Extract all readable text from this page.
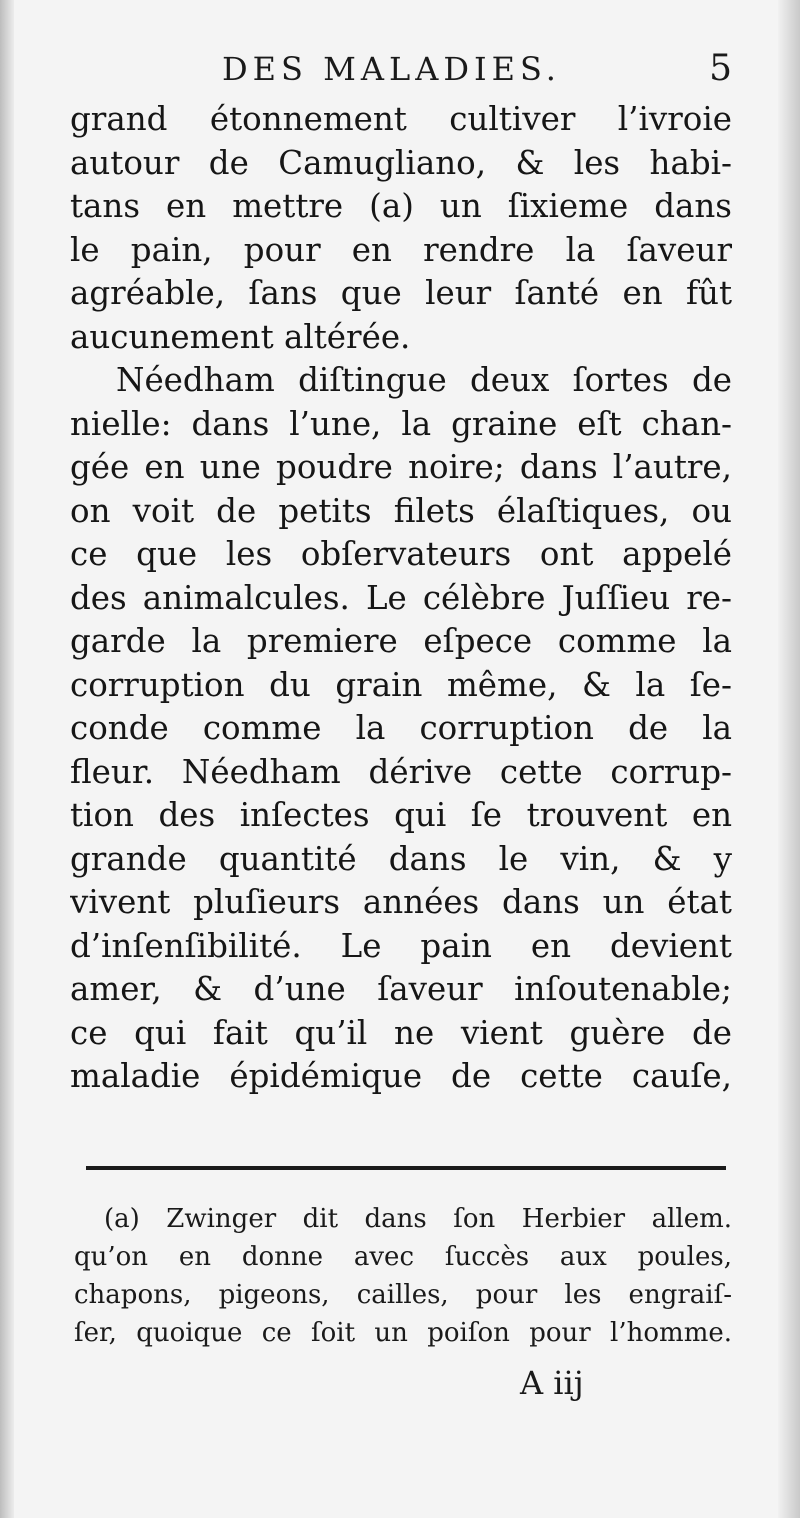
DES MALADIES.	5
grand étonnement cultiver l’ivroie
autour de Camugliano, & les habi-
tans en mettre (a) un ſixieme dans
le pain, pour en rendre la ſaveur
agréable, ſans que leur ſanté en fût
aucunement altérée.
Néedham diſtingue deux ſortes de
nielle: dans l’une, la graine eſt chan-
gée en une poudre noire; dans l’autre,
on voit de petits filets élaſtiques, ou
ce que les obſervateurs ont appelé
des animalcules. Le célèbre Juſſieu re-
garde la premiere eſpece comme la
corruption du grain même, & la ſe-
conde comme la corruption de la
fleur. Néedham dérive cette corrup-
tion des inſectes qui ſe trouvent en
grande quantité dans le vin, & y
vivent pluſieurs années dans un état
d’inſenſibilité. Le pain en devient
amer, & d’une ſaveur inſoutenable;
ce qui fait qu’il ne vient guère de
maladie épidémique de cette cauſe,
(a) Zwinger dit dans ſon Herbier allem.
qu’on en donne avec ſuccès aux poules,
chapons, pigeons, cailles, pour les engraiſ-
ſer, quoique ce ſoit un poiſon pour l’homme.
A iij
